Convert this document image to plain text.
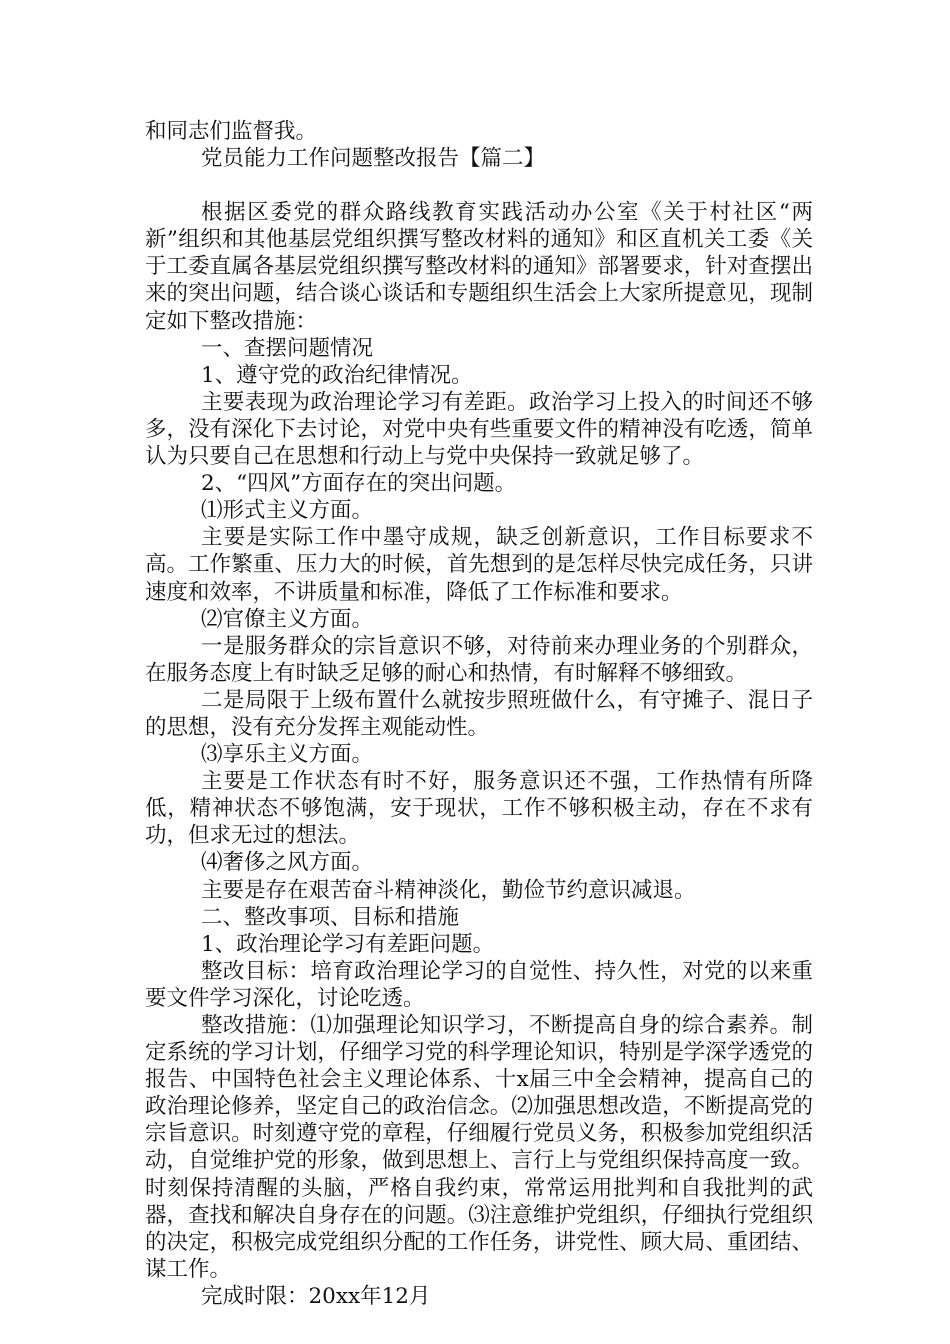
和同志们监督我。

党员能力工作问题整改报告【篇二】

根据区委党的群众路线教育实践活动办公室《关于村社区“两新”组织和其他基层党组织撰写整改材料的通知》和区直机关工委《关于工委直属各基层党组织撰写整改材料的通知》部署要求，针对查摆出来的突出问题，结合谈心谈话和专题组织生活会上大家所提意见，现制定如下整改措施：

一、查摆问题情况

1、遵守党的政治纪律情况。

主要表现为政治理论学习有差距。政治学习上投入的时间还不够多，没有深化下去讨论，对党中央有些重要文件的精神没有吃透，简单认为只要自己在思想和行动上与党中央保持一致就足够了。

2、“四风”方面存在的突出问题。

⑴形式主义方面。

主要是实际工作中墨守成规，缺乏创新意识，工作目标要求不高。工作繁重、压力大的时候，首先想到的是怎样尽快完成任务，只讲速度和效率，不讲质量和标准，降低了工作标准和要求。

⑵官僚主义方面。

一是服务群众的宗旨意识不够，对待前来办理业务的个别群众，在服务态度上有时缺乏足够的耐心和热情，有时解释不够细致。

二是局限于上级布置什么就按步照班做什么，有守摊子、混日子的思想，没有充分发挥主观能动性。

⑶享乐主义方面。

主要是工作状态有时不好，服务意识还不强，工作热情有所降低，精神状态不够饱满，安于现状，工作不够积极主动，存在不求有功，但求无过的想法。

⑷奢侈之风方面。

主要是存在艰苦奋斗精神淡化，勤俭节约意识减退。

二、整改事项、目标和措施

1、政治理论学习有差距问题。

整改目标：培育政治理论学习的自觉性、持久性，对党的以来重要文件学习深化，讨论吃透。

整改措施：⑴加强理论知识学习，不断提高自身的综合素养。制定系统的学习计划，仔细学习党的科学理论知识，特别是学深学透党的报告、中国特色社会主义理论体系、十x届三中全会精神，提高自己的政治理论修养，坚定自己的政治信念。⑵加强思想改造，不断提高党的宗旨意识。时刻遵守党的章程，仔细履行党员义务，积极参加党组织活动，自觉维护党的形象，做到思想上、言行上与党组织保持高度一致。时刻保持清醒的头脑，严格自我约束，常常运用批判和自我批判的武器，查找和解决自身存在的问题。⑶注意维护党组织，仔细执行党组织的决定，积极完成党组织分配的工作任务，讲党性、顾大局、重团结、谋工作。

完成时限：20xx年12月
